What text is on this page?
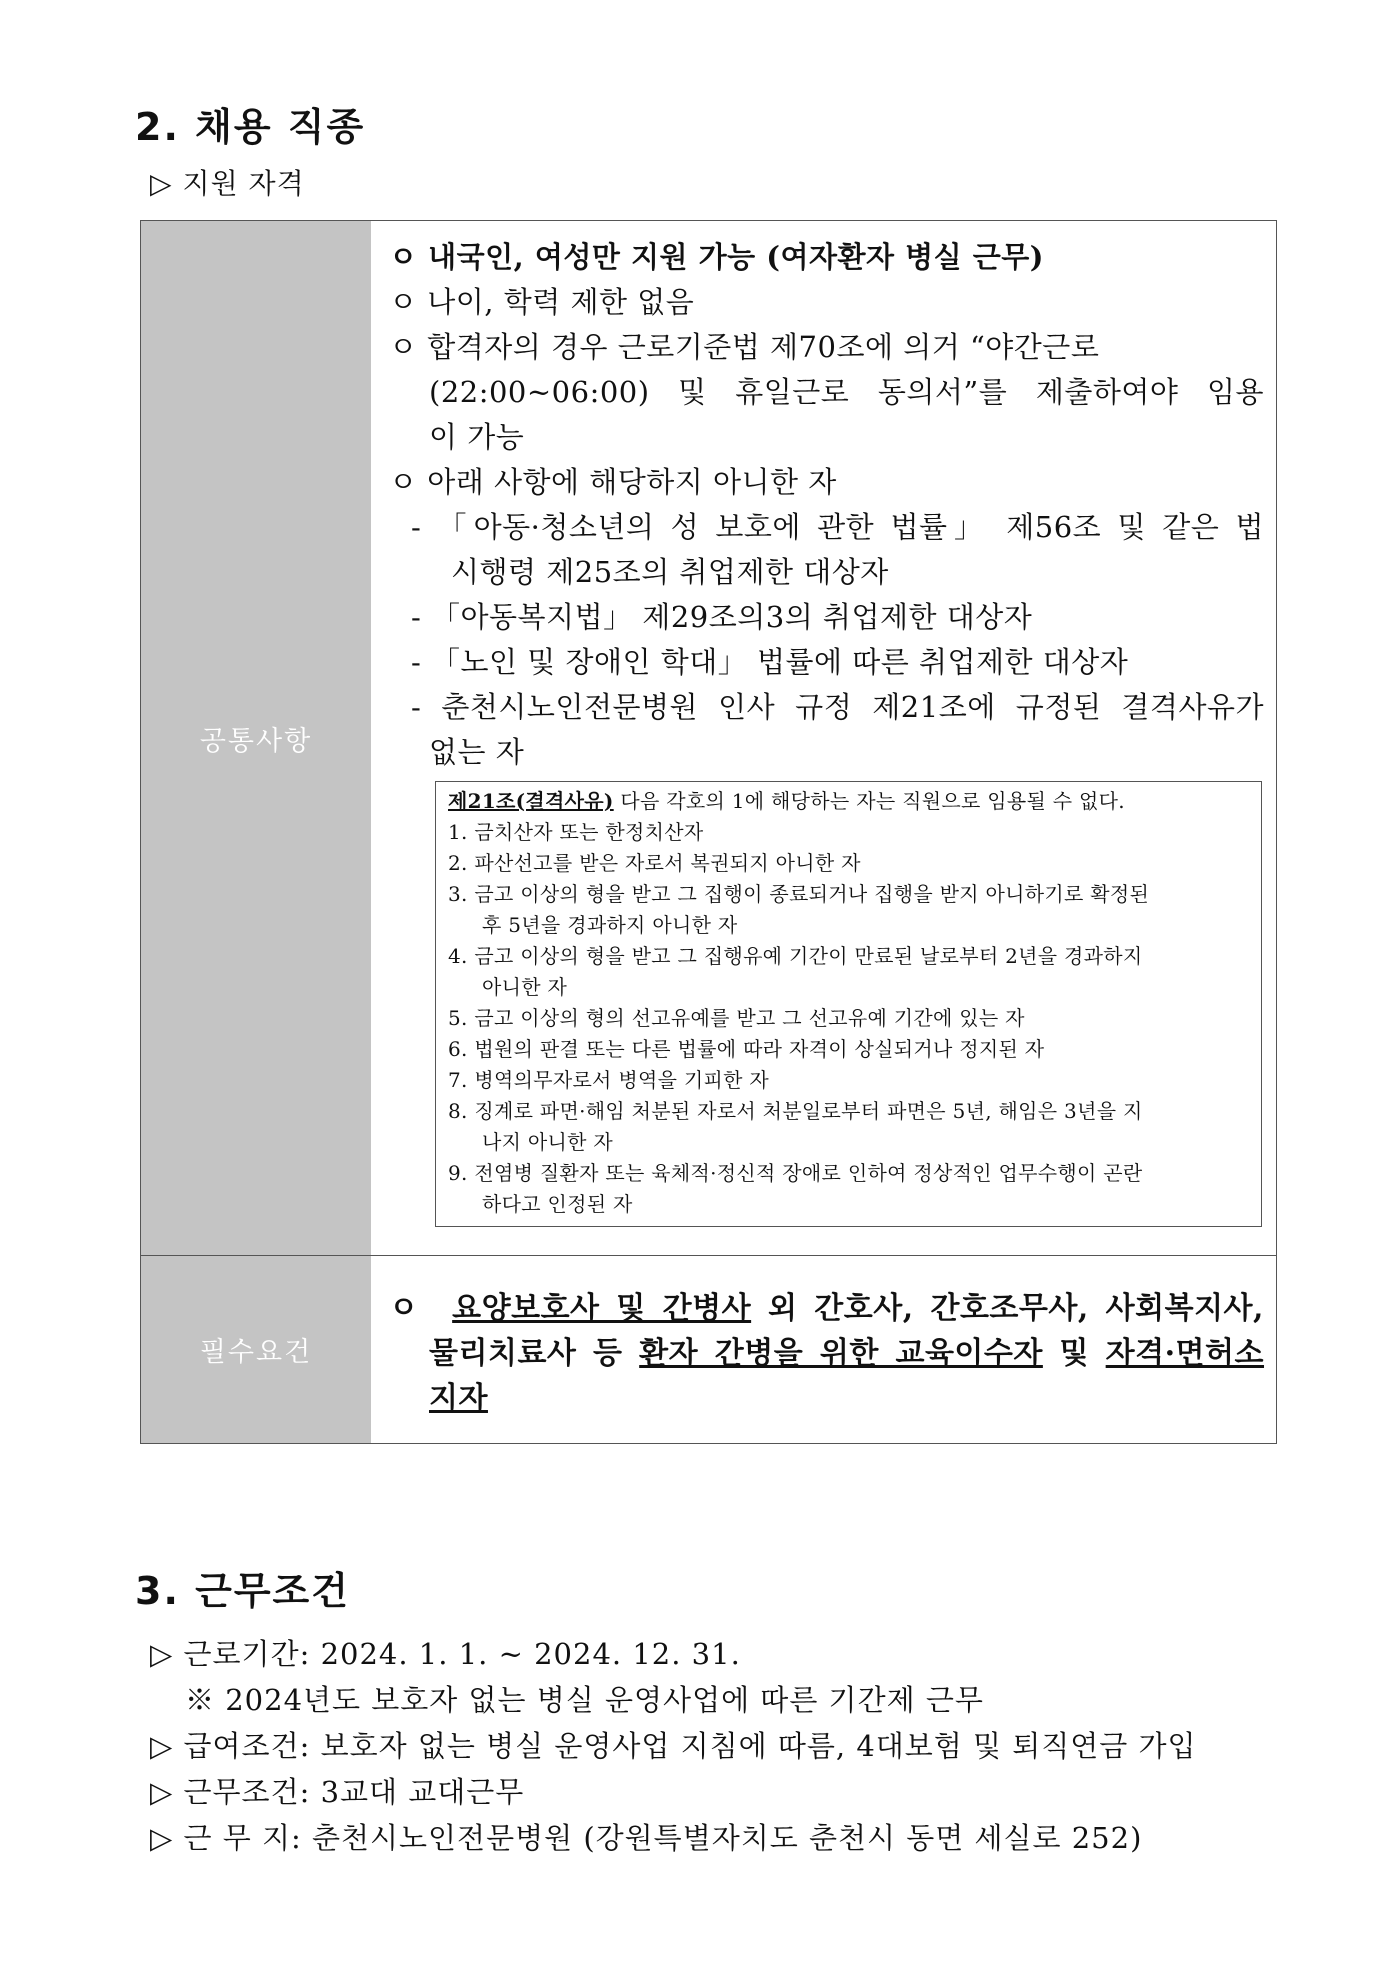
2. 채용 직종
▷ 지원 자격
공통사항
ㅇ 내국인, 여성만 지원 가능 (여자환자 병실 근무)
ㅇ 나이, 학력 제한 없음
ㅇ 합격자의 경우 근로기준법 제70조에 의거 “야간근로
(22:00~06:00) 및 휴일근로 동의서”를 제출하여야 임용
이 가능
ㅇ 아래 사항에 해당하지 아니한 자
- 「아동·청소년의 성 보호에 관한 법률」 제56조 및 같은 법
시행령 제25조의 취업제한 대상자
- 「아동복지법」 제29조의3의 취업제한 대상자
- 「노인 및 장애인 학대」 법률에 따른 취업제한 대상자
- 춘천시노인전문병원 인사 규정 제21조에 규정된 결격사유가
없는 자
제21조(결격사유) 다음 각호의 1에 해당하는 자는 직원으로 임용될 수 없다.
1. 금치산자 또는 한정치산자
2. 파산선고를 받은 자로서 복권되지 아니한 자
3. 금고 이상의 형을 받고 그 집행이 종료되거나 집행을 받지 아니하기로 확정된
후 5년을 경과하지 아니한 자
4. 금고 이상의 형을 받고 그 집행유예 기간이 만료된 날로부터 2년을 경과하지
아니한 자
5. 금고 이상의 형의 선고유예를 받고 그 선고유예 기간에 있는 자
6. 법원의 판결 또는 다른 법률에 따라 자격이 상실되거나 정지된 자
7. 병역의무자로서 병역을 기피한 자
8. 징계로 파면·해임 처분된 자로서 처분일로부터 파면은 5년, 해임은 3년을 지
나지 아니한 자
9. 전염병 질환자 또는 육체적·정신적 장애로 인하여 정상적인 업무수행이 곤란
하다고 인정된 자
필수요건
ㅇ 요양보호사 및 간병사 외 간호사, 간호조무사, 사회복지사,
물리치료사 등 환자 간병을 위한 교육이수자 및 자격·면허소
지자
3. 근무조건
▷ 근로기간: 2024. 1. 1. ~ 2024. 12. 31.
※ 2024년도 보호자 없는 병실 운영사업에 따른 기간제 근무
▷ 급여조건: 보호자 없는 병실 운영사업 지침에 따름, 4대보험 및 퇴직연금 가입
▷ 근무조건: 3교대 교대근무
▷ 근 무 지: 춘천시노인전문병원 (강원특별자치도 춘천시 동면 세실로 252)
